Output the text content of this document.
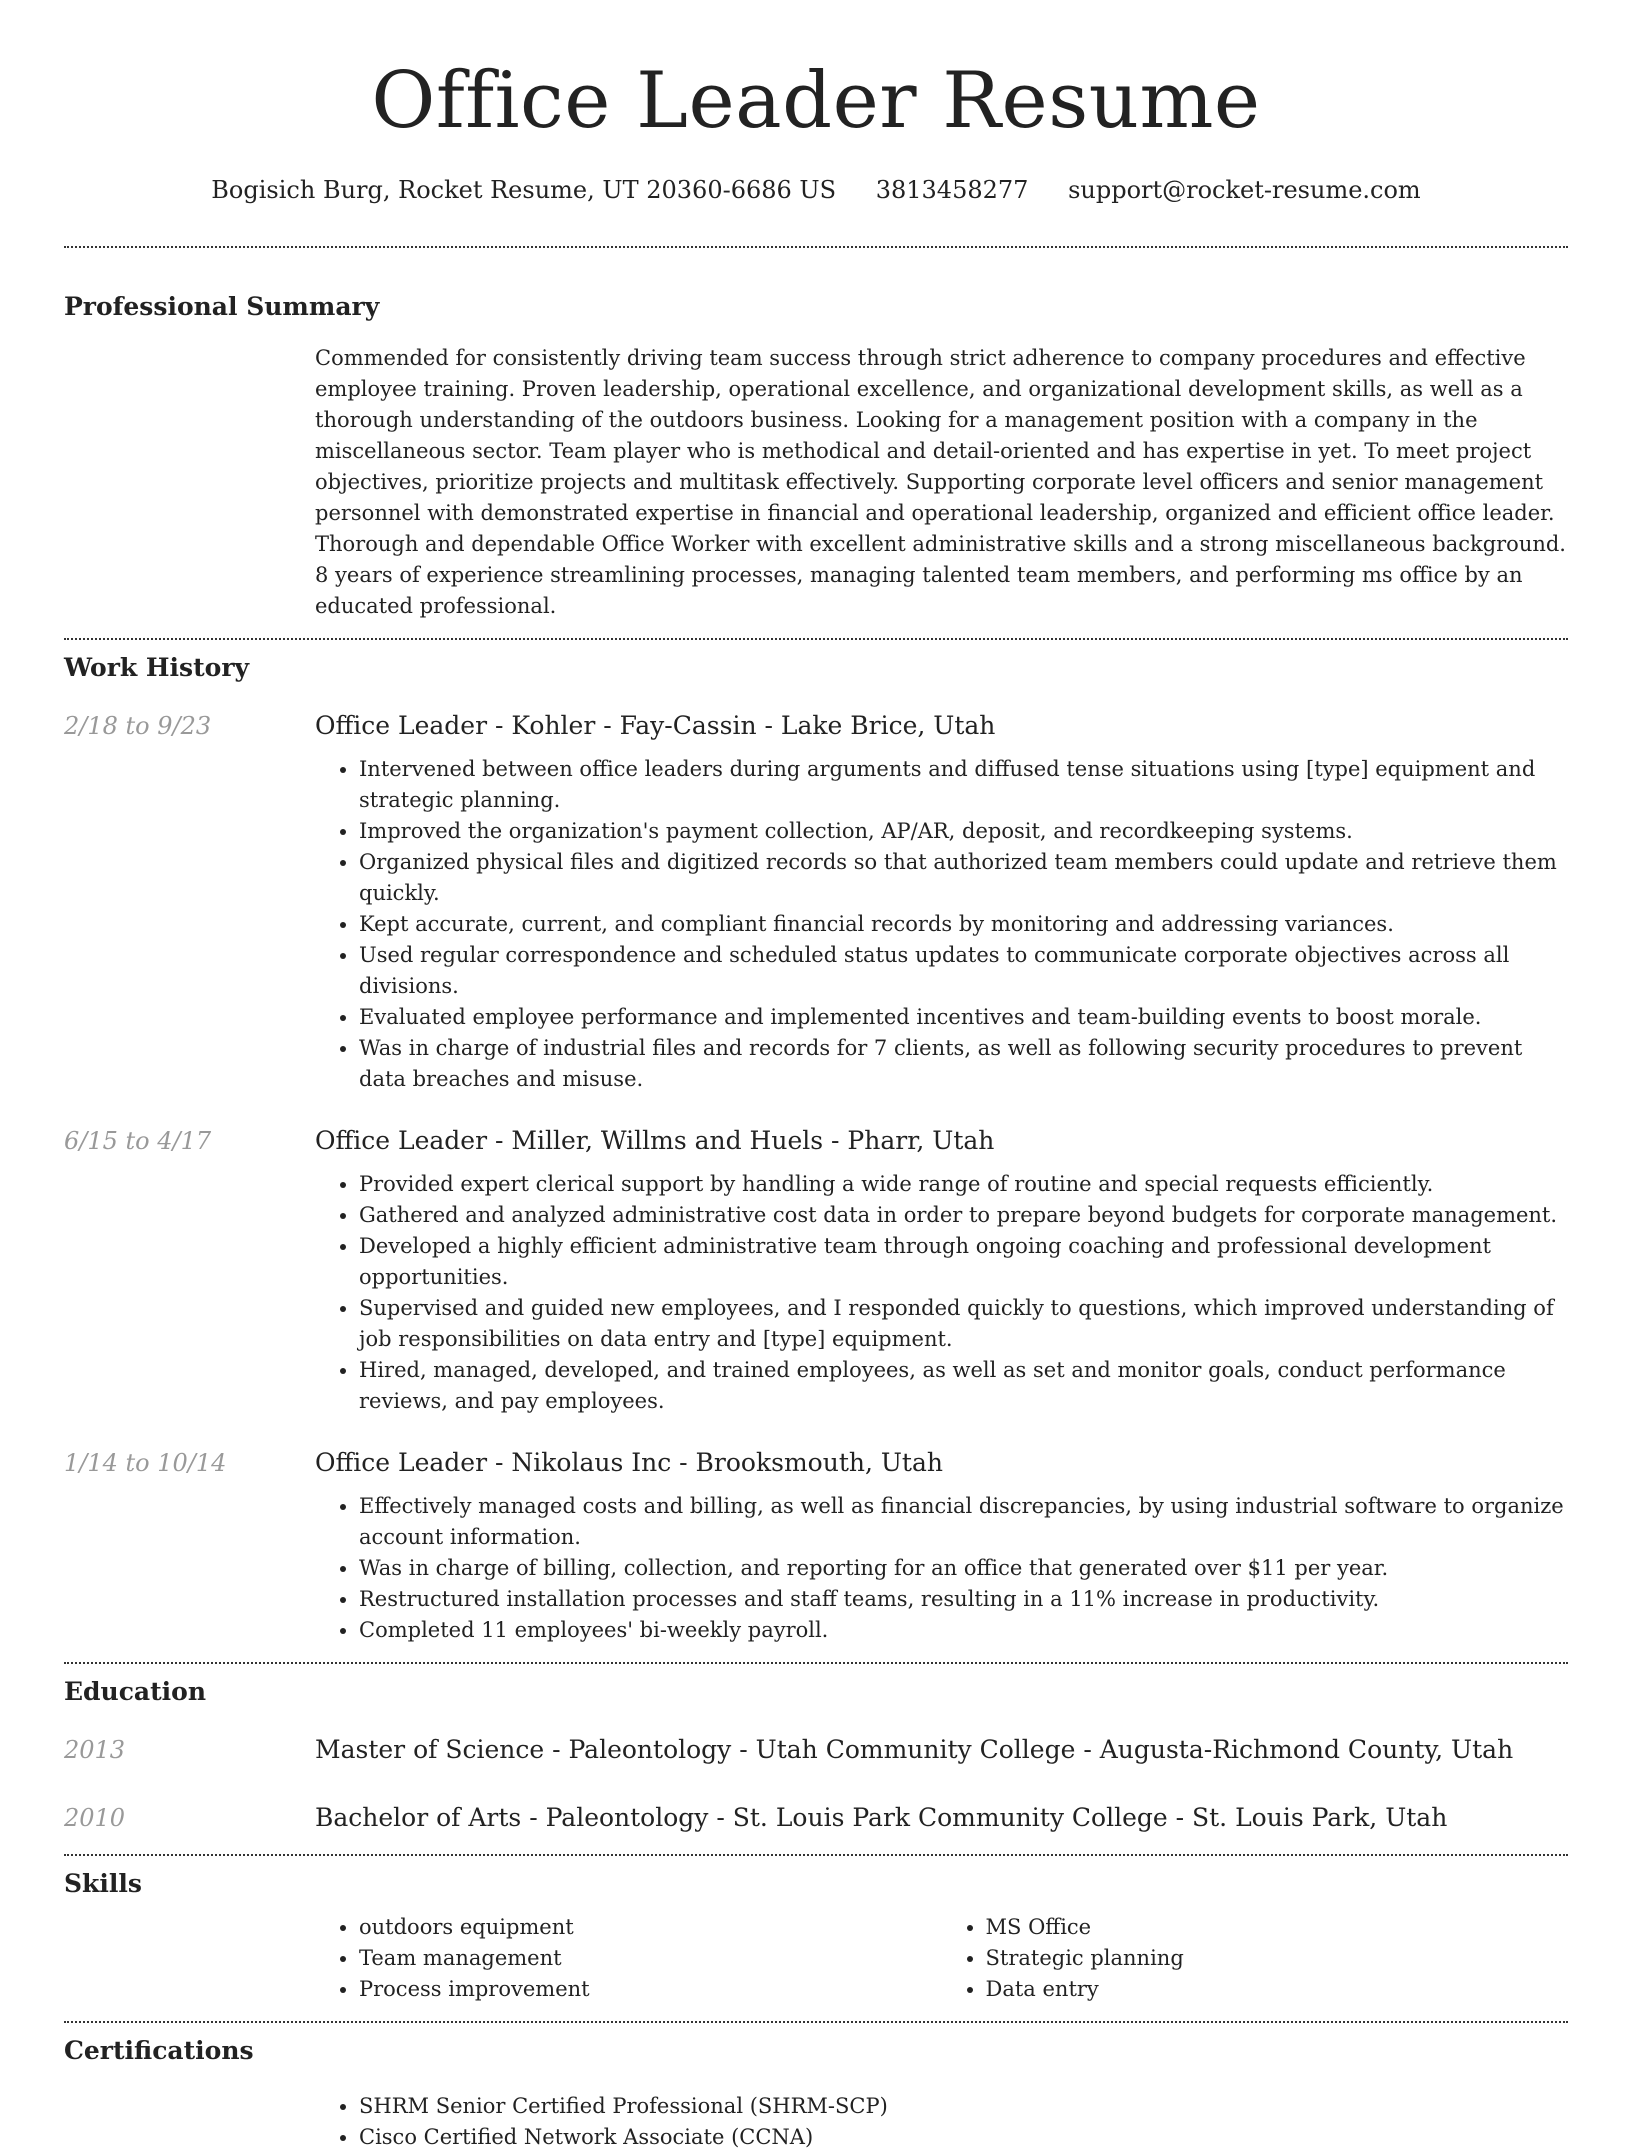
Office Leader Resume
Bogisich Burg, Rocket Resume, UT 20360-6686 US 3813458277 support@rocket-resume.com
Professional Summary

Commended for consistently driving team success through strict adherence to company procedures and effective employee training. Proven leadership, operational excellence, and organizational development skills, as well as a thorough understanding of the outdoors business. Looking for a management position with a company in the miscellaneous sector. Team player who is methodical and detail-oriented and has expertise in yet. To meet project objectives, prioritize projects and multitask effectively. Supporting corporate level officers and senior management personnel with demonstrated expertise in financial and operational leadership, organized and efficient office leader. Thorough and dependable Office Worker with excellent administrative skills and a strong miscellaneous background. 8 years of experience streamlining processes, managing talented team members, and performing ms office by an educated professional.

Work History
2/18 to 9/23	Office Leader - Kohler - Fay-Cassin - Lake Brice, Utah
• Intervened between office leaders during arguments and diffused tense situations using [type] equipment and strategic planning.
• Improved the organization's payment collection, AP/AR, deposit, and recordkeeping systems.
• Organized physical files and digitized records so that authorized team members could update and retrieve them quickly.
• Kept accurate, current, and compliant financial records by monitoring and addressing variances.
• Used regular correspondence and scheduled status updates to communicate corporate objectives across all divisions.
• Evaluated employee performance and implemented incentives and team-building events to boost morale.
• Was in charge of industrial files and records for 7 clients, as well as following security procedures to prevent data breaches and misuse.
6/15 to 4/17	Office Leader - Miller, Willms and Huels - Pharr, Utah
• Provided expert clerical support by handling a wide range of routine and special requests efficiently.
• Gathered and analyzed administrative cost data in order to prepare beyond budgets for corporate management.
• Developed a highly efficient administrative team through ongoing coaching and professional development opportunities.
• Supervised and guided new employees, and I responded quickly to questions, which improved understanding of job responsibilities on data entry and [type] equipment.
• Hired, managed, developed, and trained employees, as well as set and monitor goals, conduct performance reviews, and pay employees.
1/14 to 10/14	Office Leader - Nikolaus Inc - Brooksmouth, Utah
• Effectively managed costs and billing, as well as financial discrepancies, by using industrial software to organize account information.
• Was in charge of billing, collection, and reporting for an office that generated over $11 per year.
• Restructured installation processes and staff teams, resulting in a 11% increase in productivity.
• Completed 11 employees' bi-weekly payroll.
Education
2013	Master of Science - Paleontology - Utah Community College - Augusta-Richmond County, Utah
2010	Bachelor of Arts - Paleontology - St. Louis Park Community College - St. Louis Park, Utah
Skills
• outdoors equipment
• Team management
• Process improvement
• MS Office
• Strategic planning
• Data entry
Certifications
• SHRM Senior Certified Professional (SHRM-SCP)
• Cisco Certified Network Associate (CCNA)
